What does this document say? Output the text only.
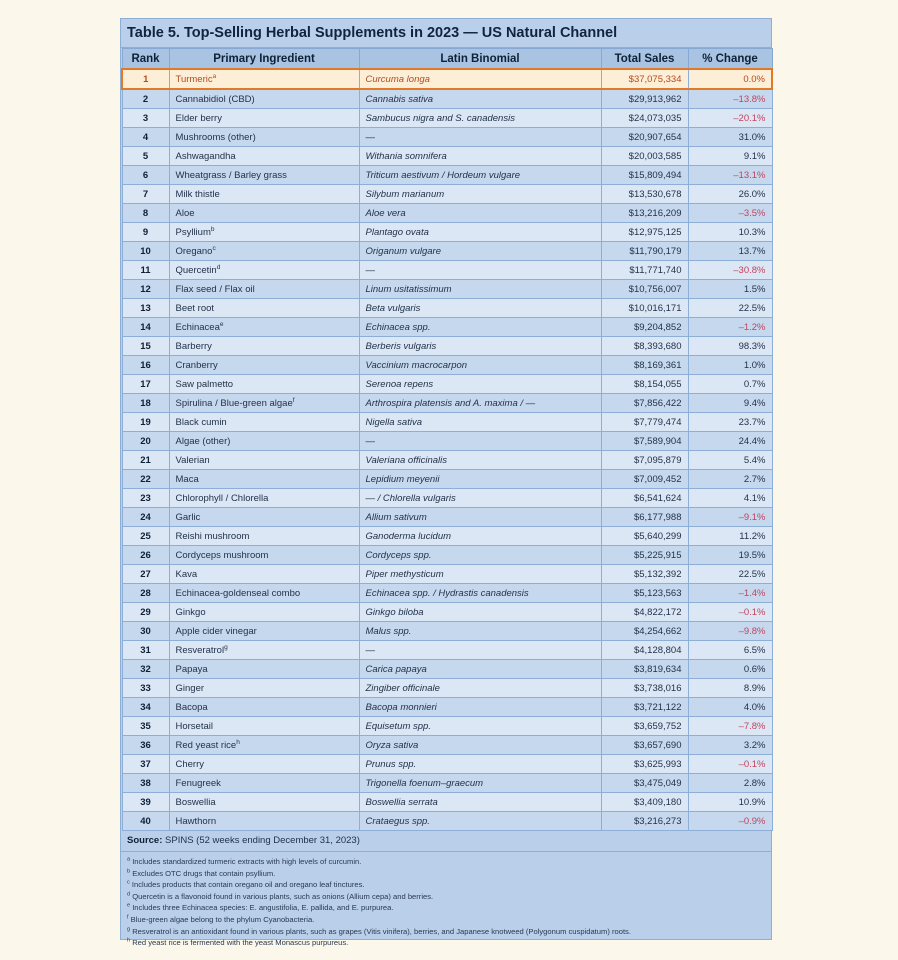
Table 5. Top-Selling Herbal Supplements in 2023 — US Natural Channel
Rank	Primary Ingredient	Latin Binomial	Total Sales	% Change
1	Turmeric$^a$	Curcuma longa	$37,075,334	0.0%
2	Cannabidiol (CBD)	Cannabis sativa	$29,913,962	–13.8%
3	Elder berry	Sambucus nigra and S. canadensis	$24,073,035	–20.1%
4	Mushrooms (other)	—	$20,907,654	31.0%
5	Ashwagandha	Withania somnifera	$20,003,585	9.1%
6	Wheatgrass / Barley grass	Triticum aestivum / Hordeum vulgare	$15,809,494	–13.1%
7	Milk thistle	Silybum marianum	$13,530,678	26.0%
8	Aloe	Aloe vera	$13,216,209	–3.5%
9	Psyllium$^b$	Plantago ovata	$12,975,125	10.3%
10	Oregano$^c$	Origanum vulgare	$11,790,179	13.7%
11	Quercetin$^d$	—	$11,771,740	–30.8%
12	Flax seed / Flax oil	Linum usitatissimum	$10,756,007	1.5%
13	Beet root	Beta vulgaris	$10,016,171	22.5%
14	Echinacea$^e$	Echinacea spp.	$9,204,852	–1.2%
15	Barberry	Berberis vulgaris	$8,393,680	98.3%
16	Cranberry	Vaccinium macrocarpon	$8,169,361	1.0%
17	Saw palmetto	Serenoa repens	$8,154,055	0.7%
18	Spirulina / Blue-green algae$^f$	Arthrospira platensis and A. maxima / —	$7,856,422	9.4%
19	Black cumin	Nigella sativa	$7,779,474	23.7%
20	Algae (other)	—	$7,589,904	24.4%
21	Valerian	Valeriana officinalis	$7,095,879	5.4%
22	Maca	Lepidium meyenii	$7,009,452	2.7%
23	Chlorophyll / Chlorella	— / Chlorella vulgaris	$6,541,624	4.1%
24	Garlic	Allium sativum	$6,177,988	–9.1%
25	Reishi mushroom	Ganoderma lucidum	$5,640,299	11.2%
26	Cordyceps mushroom	Cordyceps spp.	$5,225,915	19.5%
27	Kava	Piper methysticum	$5,132,392	22.5%
28	Echinacea-goldenseal combo	Echinacea spp. / Hydrastis canadensis	$5,123,563	–1.4%
29	Ginkgo	Ginkgo biloba	$4,822,172	–0.1%
30	Apple cider vinegar	Malus spp.	$4,254,662	–9.8%
31	Resveratrol$^g$	—	$4,128,804	6.5%
32	Papaya	Carica papaya	$3,819,634	0.6%
33	Ginger	Zingiber officinale	$3,738,016	8.9%
34	Bacopa	Bacopa monnieri	$3,721,122	4.0%
35	Horsetail	Equisetum spp.	$3,659,752	–7.8%
36	Red yeast rice$^h$	Oryza sativa	$3,657,690	3.2%
37	Cherry	Prunus spp.	$3,625,993	–0.1%
38	Fenugreek	Trigonella foenum–graecum	$3,475,049	2.8%
39	Boswellia	Boswellia serrata	$3,409,180	10.9%
40	Hawthorn	Crataegus spp.	$3,216,273	–0.9%
Source: SPINS (52 weeks ending December 31, 2023)
$^a$ Includes standardized turmeric extracts with high levels of curcumin.
$^b$ Excludes OTC drugs that contain psyllium.
$^c$ Includes products that contain oregano oil and oregano leaf tinctures.
$^d$ Quercetin is a flavonoid found in various plants, such as onions (Allium cepa) and berries.
$^e$ Includes three Echinacea species: E. angustifolia, E. pallida, and E. purpurea.
$^f$ Blue-green algae belong to the phylum Cyanobacteria.
$^g$ Resveratrol is an antioxidant found in various plants, such as grapes (Vitis vinifera), berries, and Japanese knotweed (Polygonum cuspidatum) roots.
$^h$ Red yeast rice is fermented with the yeast Monascus purpureus.
